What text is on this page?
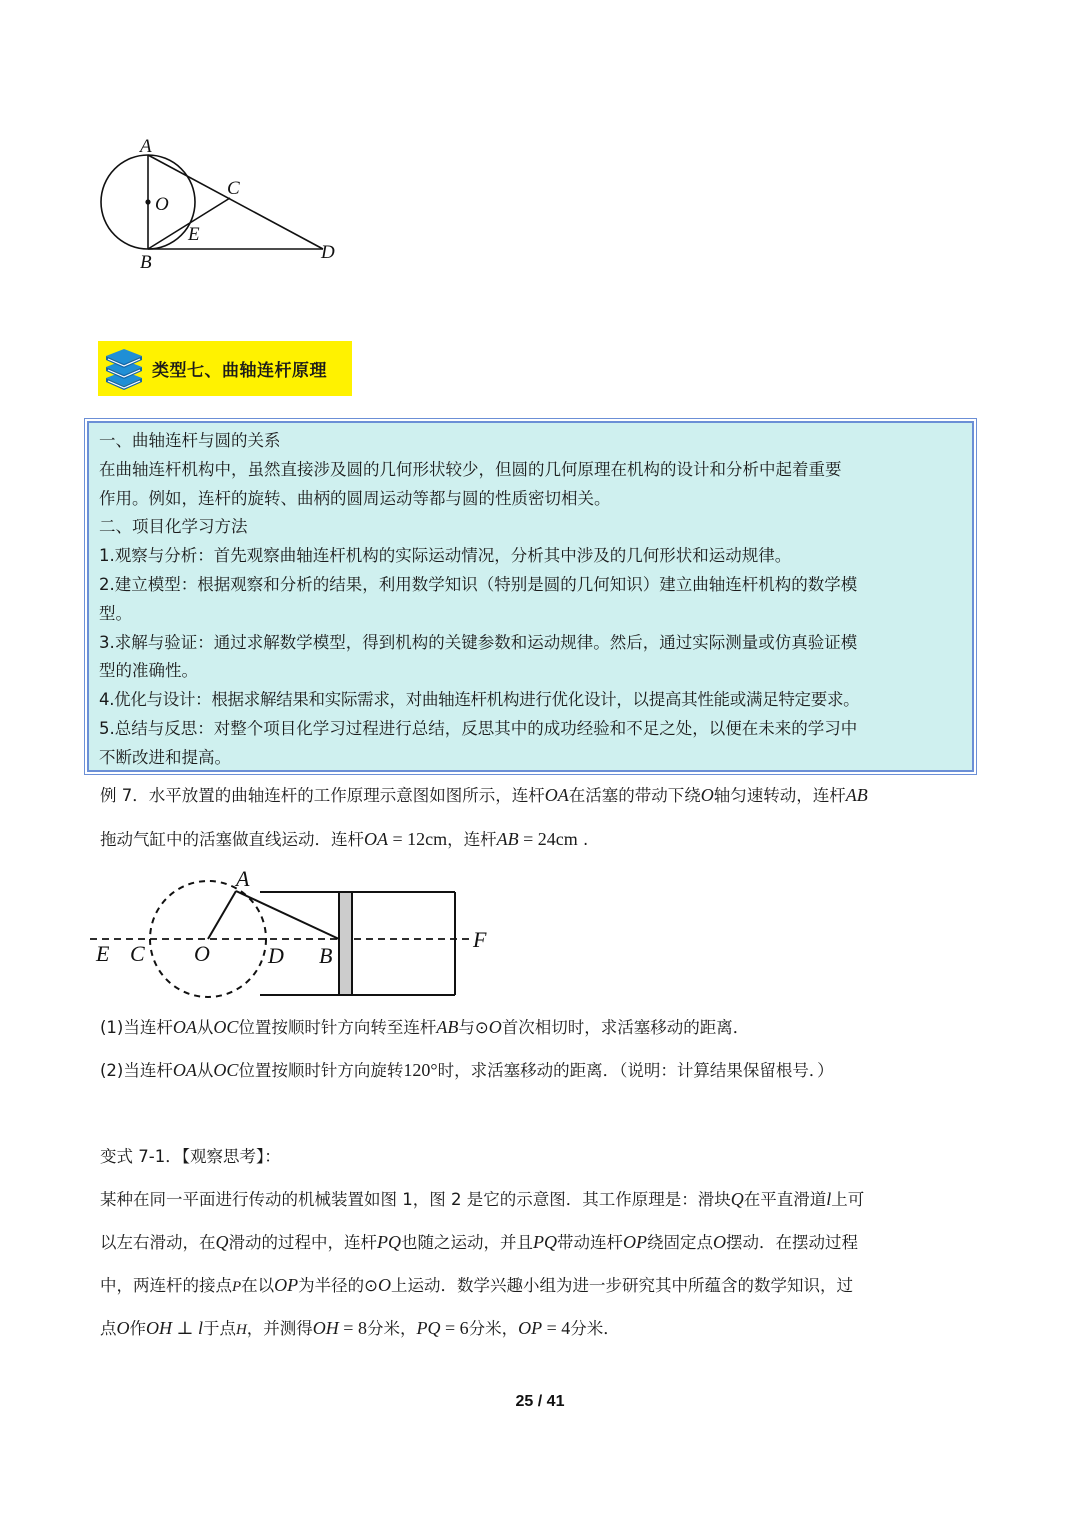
A
O
C
E
B	D
类型七、曲轴连杆原理
一、曲轴连杆与圆的关系
在曲轴连杆机构中，虽然直接涉及圆的几何形状较少，但圆的几何原理在机构的设计和分析中起着重要
作用。例如，连杆的旋转、曲柄的圆周运动等都与圆的性质密切相关。
二、项目化学习方法
1.观察与分析：首先观察曲轴连杆机构的实际运动情况，分析其中涉及的几何形状和运动规律。
2.建立模型：根据观察和分析的结果，利用数学知识（特别是圆的几何知识）建立曲轴连杆机构的数学模
型。
3.求解与验证：通过求解数学模型，得到机构的关键参数和运动规律。然后，通过实际测量或仿真验证模
型的准确性。
4.优化与设计：根据求解结果和实际需求，对曲轴连杆机构进行优化设计，以提高其性能或满足特定要求。
5.总结与反思：对整个项目化学习过程进行总结，反思其中的成功经验和不足之处，以便在未来的学习中
不断改进和提高。
例 7．水平放置的曲轴连杆的工作原理示意图如图所示，连杆OA在活塞的带动下绕O轴匀速转动，连杆AB
拖动气缸中的活塞做直线运动．连杆OA = 12cm，连杆AB = 24cm .
E C O
A
D B
F
(1)当连杆OA从OC位置按顺时针方向转至连杆AB与⊙O首次相切时，求活塞移动的距离．
(2)当连杆OA从OC位置按顺时针方向旋转120°时，求活塞移动的距离．（说明：计算结果保留根号．）
变式 7-1．【观察思考】：
某种在同一平面进行传动的机械装置如图 1，图 2 是它的示意图．其工作原理是：滑块Q在平直滑道l上可
以左右滑动，在Q滑动的过程中，连杆PQ也随之运动，并且PQ带动连杆OP绕固定点O摆动．在摆动过程
中，两连杆的接点P在以OP为半径的⊙O上运动．数学兴趣小组为进一步研究其中所蕴含的数学知识，过
点O作OH ⊥ l于点H，并测得OH = 8分米，PQ = 6分米，OP = 4分米．
25 / 41
